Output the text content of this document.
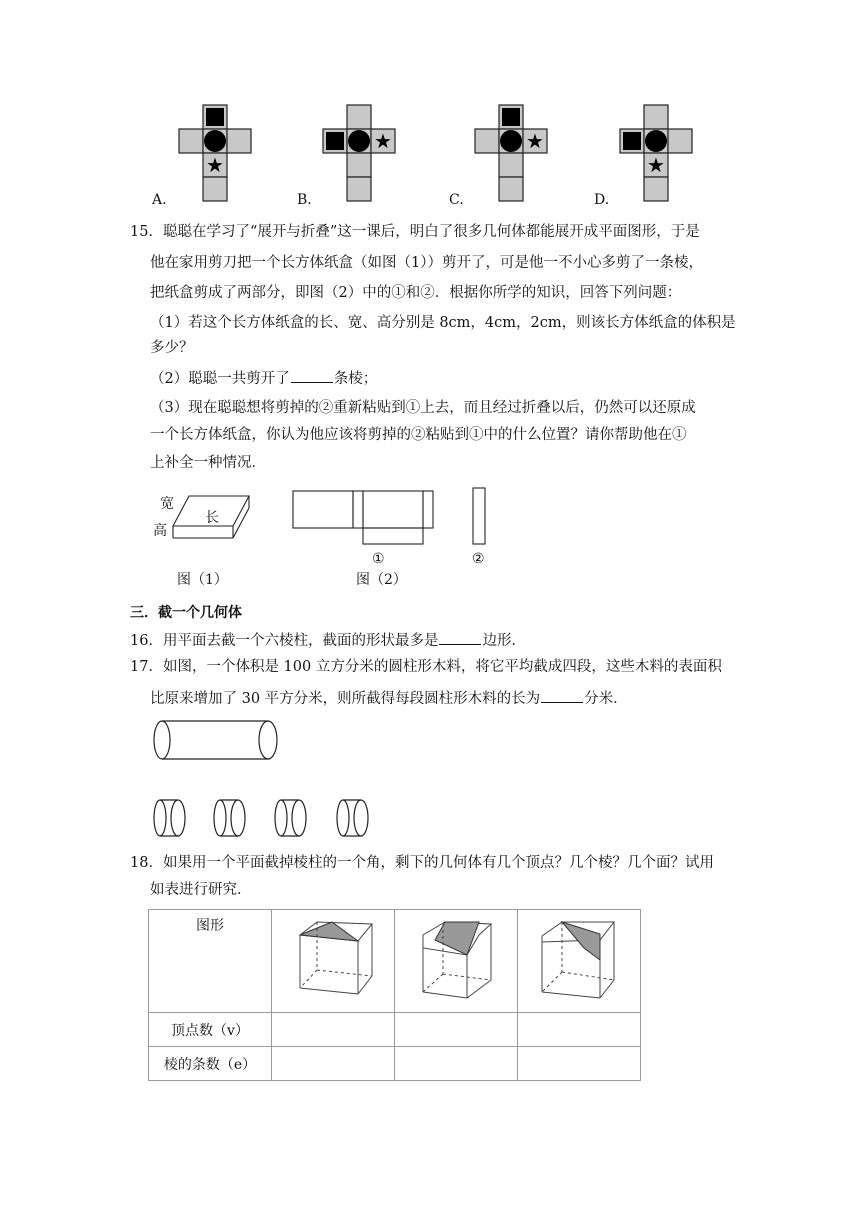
★
★	★
★
A.	B.	C.	D.
15．聪聪在学习了“展开与折叠”这一课后，明白了很多几何体都能展开成平面图形，于是
他在家用剪刀把一个长方体纸盒（如图（1））剪开了，可是他一不小心多剪了一条棱，
把纸盒剪成了两部分，即图（2）中的①和②．根据你所学的知识，回答下列问题：
（1）若这个长方体纸盒的长、宽、高分别是 8cm，4cm，2cm，则该长方体纸盒的体积是
多少？
（2）聪聪一共剪开了	条棱；
（3）现在聪聪想将剪掉的②重新粘贴到①上去，而且经过折叠以后，仍然可以还原成
一个长方体纸盒，你认为他应该将剪掉的②粘贴到①中的什么位置？请你帮助他在①
上补全一种情况．
宽
高
长
①	②
图（1）	图（2）
三．截一个几何体
16．用平面去截一个六棱柱，截面的形状最多是	边形．
17．如图，一个体积是 100 立方分米的圆柱形木料，将它平均截成四段，这些木料的表面积
比原来增加了 30 平方分米，则所截得每段圆柱形木料的长为	分米．
18．如果用一个平面截掉棱柱的一个角，剩下的几何体有几个顶点？几个棱？几个面？试用
如表进行研究．
图形			
顶点数（v）			
棱的条数（e）			
